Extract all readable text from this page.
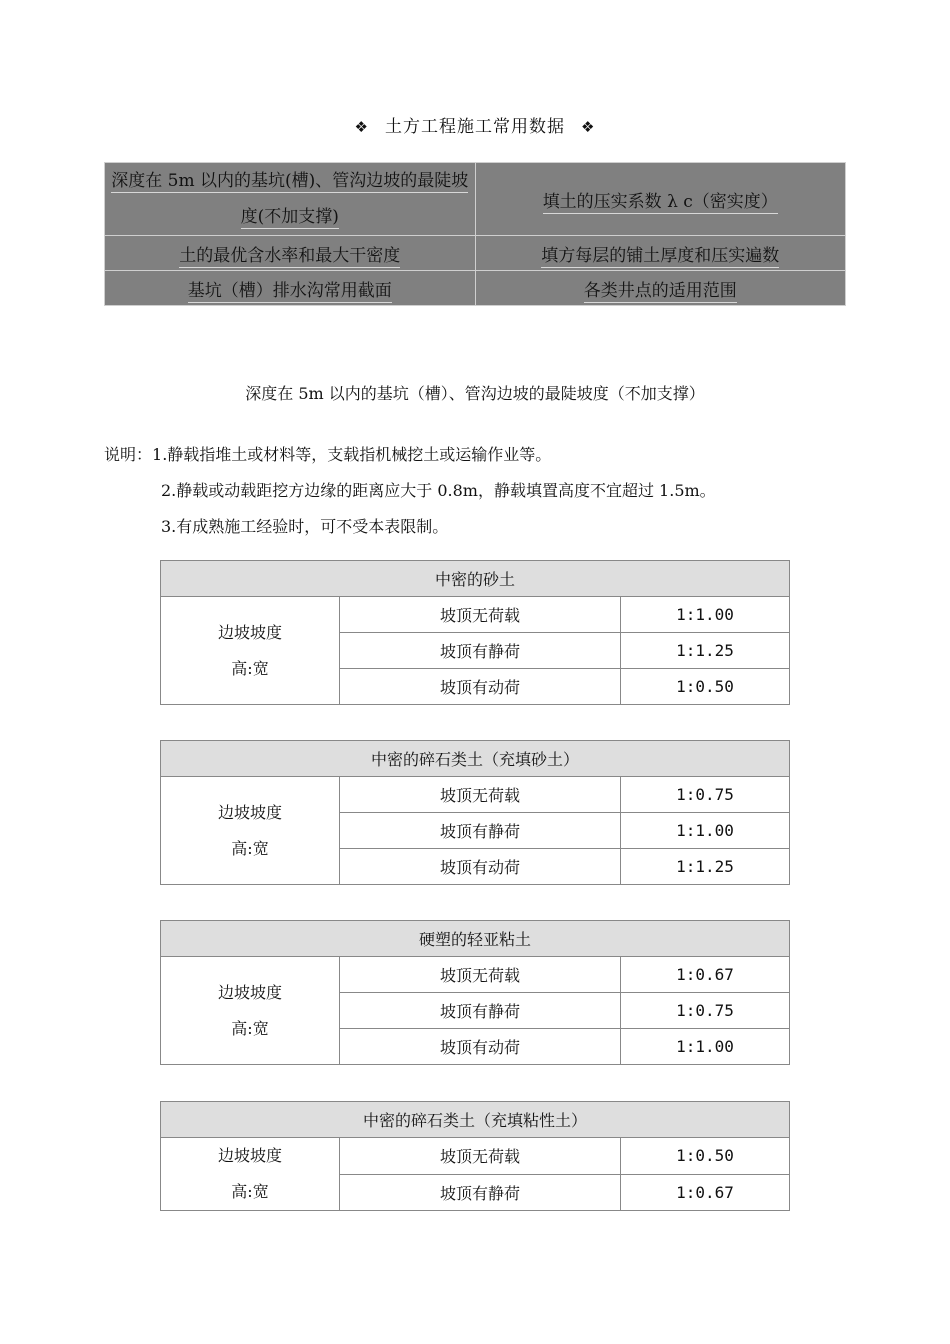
❖ 土方工程施工常用数据 ❖
深度在 5m 以内的基坑(槽)、管沟边坡的最陡坡度(不加支撑)	填土的压实系数 λ c（密实度）
土的最优含水率和最大干密度	填方每层的铺土厚度和压实遍数
基坑（槽）排水沟常用截面	各类井点的适用范围
深度在 5m 以内的基坑（槽）、管沟边坡的最陡坡度（不加支撑）
说明：1.静载指堆土或材料等，支载指机械挖土或运输作业等。
2.静载或动载距挖方边缘的距离应大于 0.8m，静载填置高度不宜超过 1.5m。
3.有成熟施工经验时，可不受本表限制。
中密的砂土		
边坡坡度
高:宽	坡顶无荷载	1:1.00
	坡顶有静荷	1:1.25
	坡顶有动荷	1:0.50
中密的碎石类土（充填砂土）		
边坡坡度
高:宽	坡顶无荷载	1:0.75
	坡顶有静荷	1:1.00
	坡顶有动荷	1:1.25
硬塑的轻亚粘土		
边坡坡度
高:宽	坡顶无荷载	1:0.67
	坡顶有静荷	1:0.75
	坡顶有动荷	1:1.00
中密的碎石类土（充填粘性土）		
边坡坡度
高:宽	坡顶无荷载	1:0.50
	坡顶有静荷	1:0.67
